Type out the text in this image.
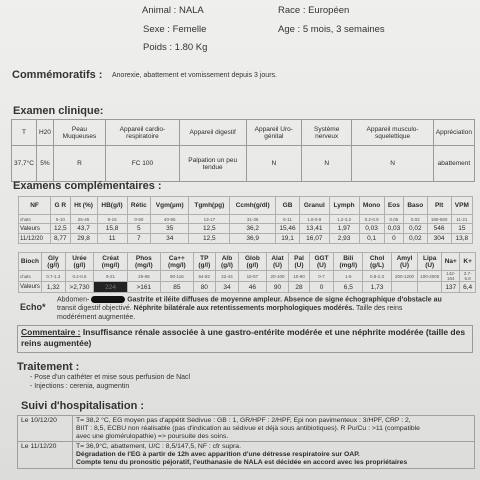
Animal : NALA	Race : Européen
Sexe : Femelle	Age : 5 mois, 3 semaines
Poids : 1.80 Kg
Commémoratifs : Anorexie, abattement et vomissement depuis 3 jours.
Examen clinique:
T	H20	Peau Muqueuses	Appareil cardio-respiratoire	Appareil digestif	Appareil Uro-génital	Système nerveux	Appareil musculo-squelettique	Appréciation
37,7°C	5%	R	FC 100	Palpation un peu tendue	N	N	N	abattement
Examens complémentaires :
NF	G R	Ht (%)	HB(g/l)	Rétic	Vgm(µm)	Tgmh(pg)	Ccmh(g/dl)	GB	Granul	Lymph	Mono	Eos	Baso	Plt	VPM
chats	5-10	25-45	8-15	0-50	40-55	13-17	31-36	6-11	1.8-9.9	1.2-3.2	0.2-0.9	0.05	0.02	180-550	11-21
Valeurs	12,5	43,7	15,8	5	35	12,5	36,2	15,46	13,41	1,97	0,03	0,03	0,02	546	15
11/12/20	8,77	29,8	11	7	34	12,5	36,9	19,1	16,07	2,93	0,1	0	0,02	304	13,8
Bioch	Gly (g/l)	Urée (g/l)	Créat (mg/l)	Phos (mg/l)	Ca++ (mg/l)	TP (g/l)	Alb (g/l)	Glob (g/l)	Alat (U)	Pal (U)	GGT (U)	Bili (mg/l)	Chol (g/L)	Amyl (U)	Lipa (U)	Na+	K+
chats	0.7-1.3	0.2-0.6	9-21	25-68	90-116	54-82	22-44	15-57	20-100	10-90	0-7	1-6	0.8-2.3	200-1200	100-2000	142-164	3.7-5.8
Valeurs	1,32	>2,730	224	>161	85	80	34	46	90	28	0	6,5	1,73			137	6,4
Echo*
Abdomen-	Gastrite et iléite diffuses de moyenne ampleur. Absence de signe échographique d'obstacle au
transit digestif objectivé. Néphrite bilatérale aux retentissements morphologiques modérés. Taille des reins
modérément augmentée.
Commentaire : Insuffisance rénale associée à une gastro-entérite modérée et une néphrite modérée (taille des
reins augmentée)
Traitement :
- Pose d'un cathéter et mise sous perfusion de Nacl
- Injections : cerenia, augmentin
Suivi d'hospitalisation :
Le 10/12/20	T= 38,2 °C, EG moyen pas d'appétit Sédivue : GB : 1, GR/HPF : 2/HPF, Epi non pavimenteux : 3/HPF, CRP : 2,
BIIT : 8,5, ECBU non réalisable (pas d'indication au sédivue et déjà sous antibiotiques). R Pu/Cu : >11 (compatible
avec une glomérulopathie) => poursuite des soins.

Le 11/12/20	T= 36,9°C, abattement, U/C : 8,5/147,5, NF : cfr supra.
Dégradation de l'EG à partir de 12h avec apparition d'une détresse respiratoire sur OAP.
Compte tenu du pronostic péjoratif, l'euthanasie de NALA est décidée en accord avec les propriétaires
